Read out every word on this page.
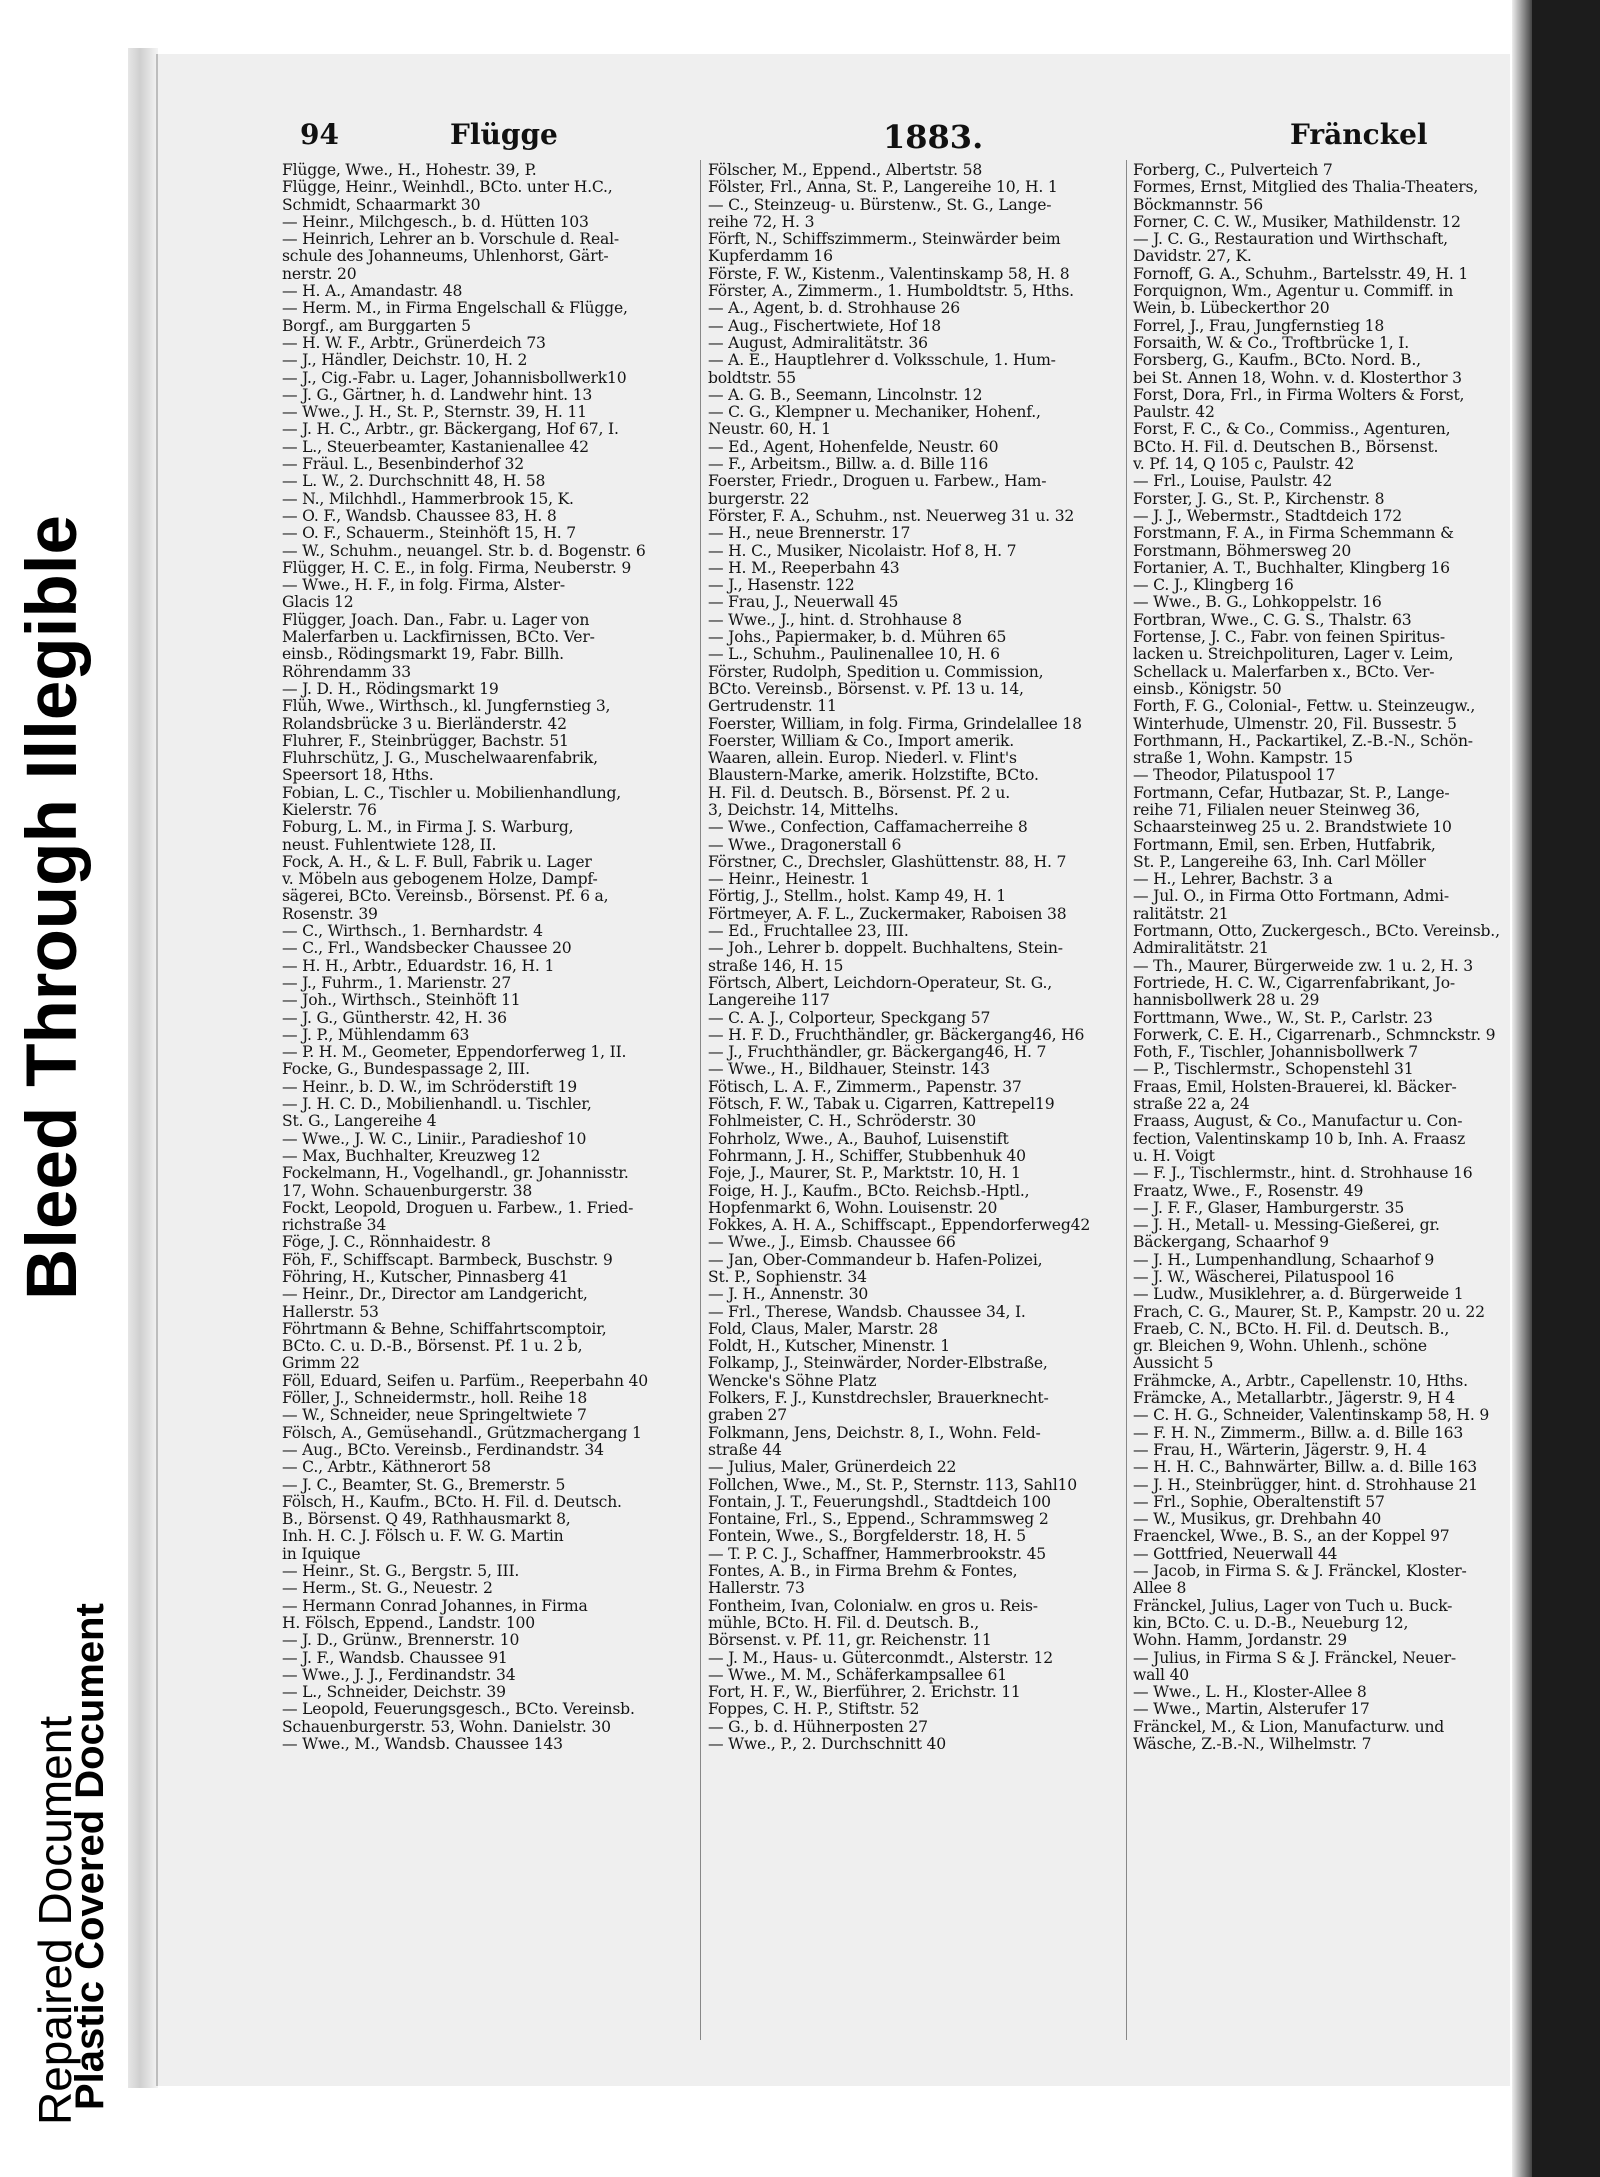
Bleed Through Illegible
Repaired Document
Plastic Covered Document
94	Flügge	1883.	Fränckel
Flügge, Wwe., H., Hohestr. 39, P.
Flügge, Heinr., Weinhdl., BCto. unter H.C.,
Schmidt, Schaarmarkt 30
— Heinr., Milchgesch., b. d. Hütten 103
— Heinrich, Lehrer an b. Vorschule d. Real-
schule des Johanneums, Uhlenhorst, Gärt-
nerstr. 20
— H. A., Amandastr. 48
— Herm. M., in Firma Engelschall & Flügge,
Borgf., am Burggarten 5
— H. W. F., Arbtr., Grünerdeich 73
— J., Händler, Deichstr. 10, H. 2
— J., Cig.-Fabr. u. Lager, Johannisbollwerk10
— J. G., Gärtner, h. d. Landwehr hint. 13
— Wwe., J. H., St. P., Sternstr. 39, H. 11
— J. H. C., Arbtr., gr. Bäckergang, Hof 67, I.
— L., Steuerbeamter, Kastanienallee 42
— Fräul. L., Besenbinderhof 32
— L. W., 2. Durchschnitt 48, H. 58
— N., Milchhdl., Hammerbrook 15, K.
— O. F., Wandsb. Chaussee 83, H. 8
— O. F., Schauerm., Steinhöft 15, H. 7
— W., Schuhm., neuangel. Str. b. d. Bogenstr. 6
Flügger, H. C. E., in folg. Firma, Neuberstr. 9
— Wwe., H. F., in folg. Firma, Alster-
Glacis 12
Flügger, Joach. Dan., Fabr. u. Lager von
Malerfarben u. Lackfirnissen, BCto. Ver-
einsb., Rödingsmarkt 19, Fabr. Billh.
Röhrendamm 33
— J. D. H., Rödingsmarkt 19
Flüh, Wwe., Wirthsch., kl. Jungfernstieg 3,
Rolandsbrücke 3 u. Bierländerstr. 42
Fluhrer, F., Steinbrügger, Bachstr. 51
Fluhrschütz, J. G., Muschelwaarenfabrik,
Speersort 18, Hths.
Fobian, L. C., Tischler u. Mobilienhandlung,
Kielerstr. 76
Foburg, L. M., in Firma J. S. Warburg,
neust. Fuhlentwiete 128, II.
Fock, A. H., & L. F. Bull, Fabrik u. Lager
v. Möbeln aus gebogenem Holze, Dampf-
sägerei, BCto. Vereinsb., Börsenst. Pf. 6 a,
Rosenstr. 39
— C., Wirthsch., 1. Bernhardstr. 4
— C., Frl., Wandsbecker Chaussee 20
— H. H., Arbtr., Eduardstr. 16, H. 1
— J., Fuhrm., 1. Marienstr. 27
— Joh., Wirthsch., Steinhöft 11
— J. G., Güntherstr. 42, H. 36
— J. P., Mühlendamm 63
— P. H. M., Geometer, Eppendorferweg 1, II.
Focke, G., Bundespassage 2, III.
— Heinr., b. D. W., im Schröderstift 19
— J. H. C. D., Mobilienhandl. u. Tischler,
St. G., Langereihe 4
— Wwe., J. W. C., Liniir., Paradieshof 10
— Max, Buchhalter, Kreuzweg 12
Fockelmann, H., Vogelhandl., gr. Johannisstr.
17, Wohn. Schauenburgerstr. 38
Fockt, Leopold, Droguen u. Farbew., 1. Fried-
richstraße 34
Föge, J. C., Rönnhaidestr. 8
Föh, F., Schiffscapt. Barmbeck, Buschstr. 9
Föhring, H., Kutscher, Pinnasberg 41
— Heinr., Dr., Director am Landgericht,
Hallerstr. 53
Föhrtmann & Behne, Schiffahrtscomptoir,
BCto. C. u. D.-B., Börsenst. Pf. 1 u. 2 b,
Grimm 22
Föll, Eduard, Seifen u. Parfüm., Reeperbahn 40
Föller, J., Schneidermstr., holl. Reihe 18
— W., Schneider, neue Springeltwiete 7
Fölsch, A., Gemüsehandl., Grützmachergang 1
— Aug., BCto. Vereinsb., Ferdinandstr. 34
— C., Arbtr., Käthnerort 58
— J. C., Beamter, St. G., Bremerstr. 5
Fölsch, H., Kaufm., BCto. H. Fil. d. Deutsch.
B., Börsenst. Q 49, Rathhausmarkt 8,
Inh. H. C. J. Fölsch u. F. W. G. Martin
in Iquique
— Heinr., St. G., Bergstr. 5, III.
— Herm., St. G., Neuestr. 2
— Hermann Conrad Johannes, in Firma
H. Fölsch, Eppend., Landstr. 100
— J. D., Grünw., Brennerstr. 10
— J. F., Wandsb. Chaussee 91
— Wwe., J. J., Ferdinandstr. 34
— L., Schneider, Deichstr. 39
— Leopold, Feuerungsgesch., BCto. Vereinsb.
Schauenburgerstr. 53, Wohn. Danielstr. 30
— Wwe., M., Wandsb. Chaussee 143
Fölscher, M., Eppend., Albertstr. 58
Fölster, Frl., Anna, St. P., Langereihe 10, H. 1
— C., Steinzeug- u. Bürstenw., St. G., Lange-
reihe 72, H. 3
Förft, N., Schiffszimmerm., Steinwärder beim
Kupferdamm 16
Förste, F. W., Kistenm., Valentinskamp 58, H. 8
Förster, A., Zimmerm., 1. Humboldtstr. 5, Hths.
— A., Agent, b. d. Strohhause 26
— Aug., Fischertwiete, Hof 18
— August, Admiralitätstr. 36
— A. E., Hauptlehrer d. Volksschule, 1. Hum-
boldtstr. 55
— A. G. B., Seemann, Lincolnstr. 12
— C. G., Klempner u. Mechaniker, Hohenf.,
Neustr. 60, H. 1
— Ed., Agent, Hohenfelde, Neustr. 60
— F., Arbeitsm., Billw. a. d. Bille 116
Foerster, Friedr., Droguen u. Farbew., Ham-
burgerstr. 22
Förster, F. A., Schuhm., nst. Neuerweg 31 u. 32
— H., neue Brennerstr. 17
— H. C., Musiker, Nicolaistr. Hof 8, H. 7
— H. M., Reeperbahn 43
— J., Hasenstr. 122
— Frau, J., Neuerwall 45
— Wwe., J., hint. d. Strohhause 8
— Johs., Papiermaker, b. d. Mühren 65
— L., Schuhm., Paulinenallee 10, H. 6
Förster, Rudolph, Spedition u. Commission,
BCto. Vereinsb., Börsenst. v. Pf. 13 u. 14,
Gertrudenstr. 11
Foerster, William, in folg. Firma, Grindelallee 18
Foerster, William & Co., Import amerik.
Waaren, allein. Europ. Niederl. v. Flint's
Blaustern-Marke, amerik. Holzstifte, BCto.
H. Fil. d. Deutsch. B., Börsenst. Pf. 2 u.
3, Deichstr. 14, Mittelhs.
— Wwe., Confection, Caffamacherreihe 8
— Wwe., Dragonerstall 6
Förstner, C., Drechsler, Glashüttenstr. 88, H. 7
— Heinr., Heinestr. 1
Förtig, J., Stellm., holst. Kamp 49, H. 1
Förtmeyer, A. F. L., Zuckermaker, Raboisen 38
— Ed., Fruchtallee 23, III.
— Joh., Lehrer b. doppelt. Buchhaltens, Stein-
straße 146, H. 15
Förtsch, Albert, Leichdorn-Operateur, St. G.,
Langereihe 117
— C. A. J., Colporteur, Speckgang 57
— H. F. D., Fruchthändler, gr. Bäckergang46, H6
— J., Fruchthändler, gr. Bäckergang46, H. 7
— Wwe., H., Bildhauer, Steinstr. 143
Fötisch, L. A. F., Zimmerm., Papenstr. 37
Fötsch, F. W., Tabak u. Cigarren, Kattrepel19
Fohlmeister, C. H., Schröderstr. 30
Fohrholz, Wwe., A., Bauhof, Luisenstift
Fohrmann, J. H., Schiffer, Stubbenhuk 40
Foje, J., Maurer, St. P., Marktstr. 10, H. 1
Foige, H. J., Kaufm., BCto. Reichsb.-Hptl.,
Hopfenmarkt 6, Wohn. Louisenstr. 20
Fokkes, A. H. A., Schiffscapt., Eppendorferweg42
— Wwe., J., Eimsb. Chaussee 66
— Jan, Ober-Commandeur b. Hafen-Polizei,
St. P., Sophienstr. 34
— J. H., Annenstr. 30
— Frl., Therese, Wandsb. Chaussee 34, I.
Fold, Claus, Maler, Marstr. 28
Foldt, H., Kutscher, Minenstr. 1
Folkamp, J., Steinwärder, Norder-Elbstraße,
Wencke's Söhne Platz
Folkers, F. J., Kunstdrechsler, Brauerknecht-
graben 27
Folkmann, Jens, Deichstr. 8, I., Wohn. Feld-
straße 44
— Julius, Maler, Grünerdeich 22
Follchen, Wwe., M., St. P., Sternstr. 113, Sahl10
Fontain, J. T., Feuerungshdl., Stadtdeich 100
Fontaine, Frl., S., Eppend., Schrammsweg 2
Fontein, Wwe., S., Borgfelderstr. 18, H. 5
— T. P. C. J., Schaffner, Hammerbrookstr. 45
Fontes, A. B., in Firma Brehm & Fontes,
Hallerstr. 73
Fontheim, Ivan, Colonialw. en gros u. Reis-
mühle, BCto. H. Fil. d. Deutsch. B.,
Börsenst. v. Pf. 11, gr. Reichenstr. 11
— J. M., Haus- u. Güterconmdt., Alsterstr. 12
— Wwe., M. M., Schäferkampsallee 61
Fort, H. F., W., Bierführer, 2. Erichstr. 11
Foppes, C. H. P., Stiftstr. 52
— G., b. d. Hühnerposten 27
— Wwe., P., 2. Durchschnitt 40
Forberg, C., Pulverteich 7
Formes, Ernst, Mitglied des Thalia-Theaters,
Böckmannstr. 56
Forner, C. C. W., Musiker, Mathildenstr. 12
— J. C. G., Restauration und Wirthschaft,
Davidstr. 27, K.
Fornoff, G. A., Schuhm., Bartelsstr. 49, H. 1
Forquignon, Wm., Agentur u. Commiff. in
Wein, b. Lübeckerthor 20
Forrel, J., Frau, Jungfernstieg 18
Forsaith, W. & Co., Troftbrücke 1, I.
Forsberg, G., Kaufm., BCto. Nord. B.,
bei St. Annen 18, Wohn. v. d. Klosterthor 3
Forst, Dora, Frl., in Firma Wolters & Forst,
Paulstr. 42
Forst, F. C., & Co., Commiss., Agenturen,
BCto. H. Fil. d. Deutschen B., Börsenst.
v. Pf. 14, Q 105 c, Paulstr. 42
— Frl., Louise, Paulstr. 42
Forster, J. G., St. P., Kirchenstr. 8
— J. J., Webermstr., Stadtdeich 172
Forstmann, F. A., in Firma Schemmann &
Forstmann, Böhmersweg 20
Fortanier, A. T., Buchhalter, Klingberg 16
— C. J., Klingberg 16
— Wwe., B. G., Lohkoppelstr. 16
Fortbran, Wwe., C. G. S., Thalstr. 63
Fortense, J. C., Fabr. von feinen Spiritus-
lacken u. Streichpolituren, Lager v. Leim,
Schellack u. Malerfarben x., BCto. Ver-
einsb., Königstr. 50
Forth, F. G., Colonial-, Fettw. u. Steinzeugw.,
Winterhude, Ulmenstr. 20, Fil. Bussestr. 5
Forthmann, H., Packartikel, Z.-B.-N., Schön-
straße 1, Wohn. Kampstr. 15
— Theodor, Pilatuspool 17
Fortmann, Cefar, Hutbazar, St. P., Lange-
reihe 71, Filialen neuer Steinweg 36,
Schaarsteinweg 25 u. 2. Brandstwiete 10
Fortmann, Emil, sen. Erben, Hutfabrik,
St. P., Langereihe 63, Inh. Carl Möller
— H., Lehrer, Bachstr. 3 a
— Jul. O., in Firma Otto Fortmann, Admi-
ralitätstr. 21
Fortmann, Otto, Zuckergesch., BCto. Vereinsb.,
Admiralitätstr. 21
— Th., Maurer, Bürgerweide zw. 1 u. 2, H. 3
Fortriede, H. C. W., Cigarrenfabrikant, Jo-
hannisbollwerk 28 u. 29
Forttmann, Wwe., W., St. P., Carlstr. 23
Forwerk, C. E. H., Cigarrenarb., Schmnckstr. 9
Foth, F., Tischler, Johannisbollwerk 7
— P., Tischlermstr., Schopenstehl 31
Fraas, Emil, Holsten-Brauerei, kl. Bäcker-
straße 22 a, 24
Fraass, August, & Co., Manufactur u. Con-
fection, Valentinskamp 10 b, Inh. A. Fraasz
u. H. Voigt
— F. J., Tischlermstr., hint. d. Strohhause 16
Fraatz, Wwe., F., Rosenstr. 49
— J. F. F., Glaser, Hamburgerstr. 35
— J. H., Metall- u. Messing-Gießerei, gr.
Bäckergang, Schaarhof 9
— J. H., Lumpenhandlung, Schaarhof 9
— J. W., Wäscherei, Pilatuspool 16
— Ludw., Musiklehrer, a. d. Bürgerweide 1
Frach, C. G., Maurer, St. P., Kampstr. 20 u. 22
Fraeb, C. N., BCto. H. Fil. d. Deutsch. B.,
gr. Bleichen 9, Wohn. Uhlenh., schöne
Aussicht 5
Frähmcke, A., Arbtr., Capellenstr. 10, Hths.
Främcke, A., Metallarbtr., Jägerstr. 9, H 4
— C. H. G., Schneider, Valentinskamp 58, H. 9
— F. H. N., Zimmerm., Billw. a. d. Bille 163
— Frau, H., Wärterin, Jägerstr. 9, H. 4
— H. H. C., Bahnwärter, Billw. a. d. Bille 163
— J. H., Steinbrügger, hint. d. Strohhause 21
— Frl., Sophie, Oberaltenstift 57
— W., Musikus, gr. Drehbahn 40
Fraenckel, Wwe., B. S., an der Koppel 97
— Gottfried, Neuerwall 44
— Jacob, in Firma S. & J. Fränckel, Kloster-
Allee 8
Fränckel, Julius, Lager von Tuch u. Buck-
kin, BCto. C. u. D.-B., Neueburg 12,
Wohn. Hamm, Jordanstr. 29
— Julius, in Firma S & J. Fränckel, Neuer-
wall 40
— Wwe., L. H., Kloster-Allee 8
— Wwe., Martin, Alsterufer 17
Fränckel, M., & Lion, Manufacturw. und
Wäsche, Z.-B.-N., Wilhelmstr. 7
